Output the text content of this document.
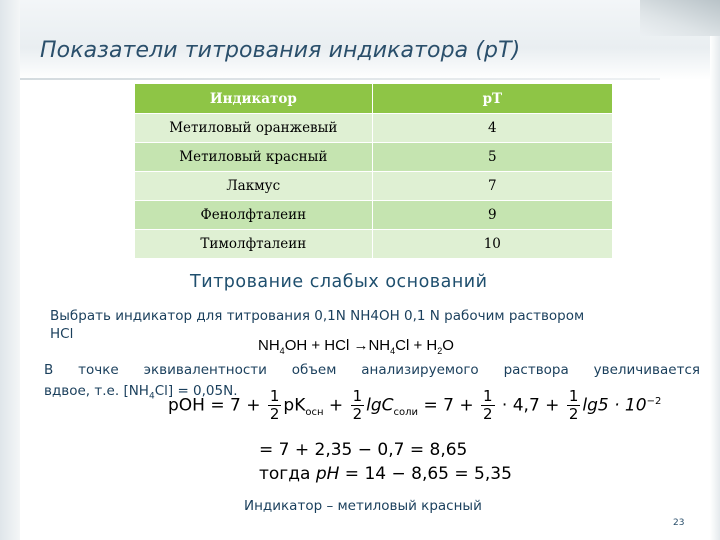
Показатели титрования индикатора (pT)
Индикатор	pT
Метиловый оранжевый	4
Метиловый красный	5
Лакмус	7
Фенолфталеин	9
Тимолфталеин	10
Титрование слабых оснований
Выбрать индикатор для титрования 0,1N NH4OH 0,1 N рабочим раствором
HCl
$NH_4OH$ + HCl $\to NH_4Cl + H_2O$
В точке эквивалентности объем анализируемого раствора увеличивается
вдвое, т.е. $[NH_4Cl] = 0,05N$.
pOH = $7 + \frac{1}{2} pK_{осн} + \frac{1}{2} \lg C_{соли} = 7 + \frac{1}{2} \cdot 4,7 + \frac{1}{2} \lg 5 \cdot 10^{-2}$
= 7 + 2,35 − 0,7 = 8,65
тогда pH = 14 − 8,65 = 5,35
Индикатор – метиловый красный
23
